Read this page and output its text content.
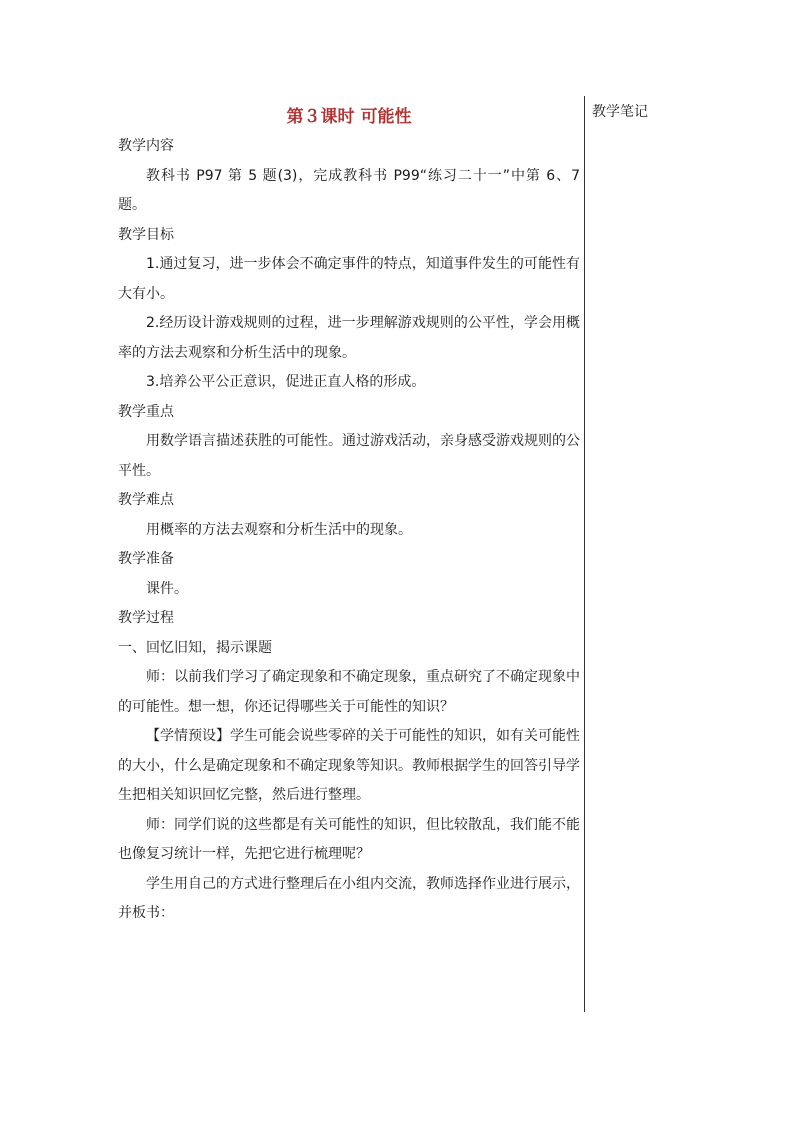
教学笔记
第３课时 可能性

教学内容

教科书 P97 第 5 题(3)，完成教科书 P99“练习二十一”中第 6、7 题。

教学目标

1.通过复习，进一步体会不确定事件的特点，知道事件发生的可能性有大有小。

2.经历设计游戏规则的过程，进一步理解游戏规则的公平性，学会用概率的方法去观察和分析生活中的现象。

3.培养公平公正意识，促进正直人格的形成。

教学重点

用数学语言描述获胜的可能性。通过游戏活动，亲身感受游戏规则的公平性。

教学难点

用概率的方法去观察和分析生活中的现象。

教学准备

课件。

教学过程

一、回忆旧知，揭示课题

师：以前我们学习了确定现象和不确定现象，重点研究了不确定现象中的可能性。想一想，你还记得哪些关于可能性的知识？

【学情预设】学生可能会说些零碎的关于可能性的知识，如有关可能性的大小，什么是确定现象和不确定现象等知识。教师根据学生的回答引导学生把相关知识回忆完整，然后进行整理。

师：同学们说的这些都是有关可能性的知识，但比较散乱，我们能不能也像复习统计一样，先把它进行梳理呢？

学生用自己的方式进行整理后在小组内交流，教师选择作业进行展示，并板书：
